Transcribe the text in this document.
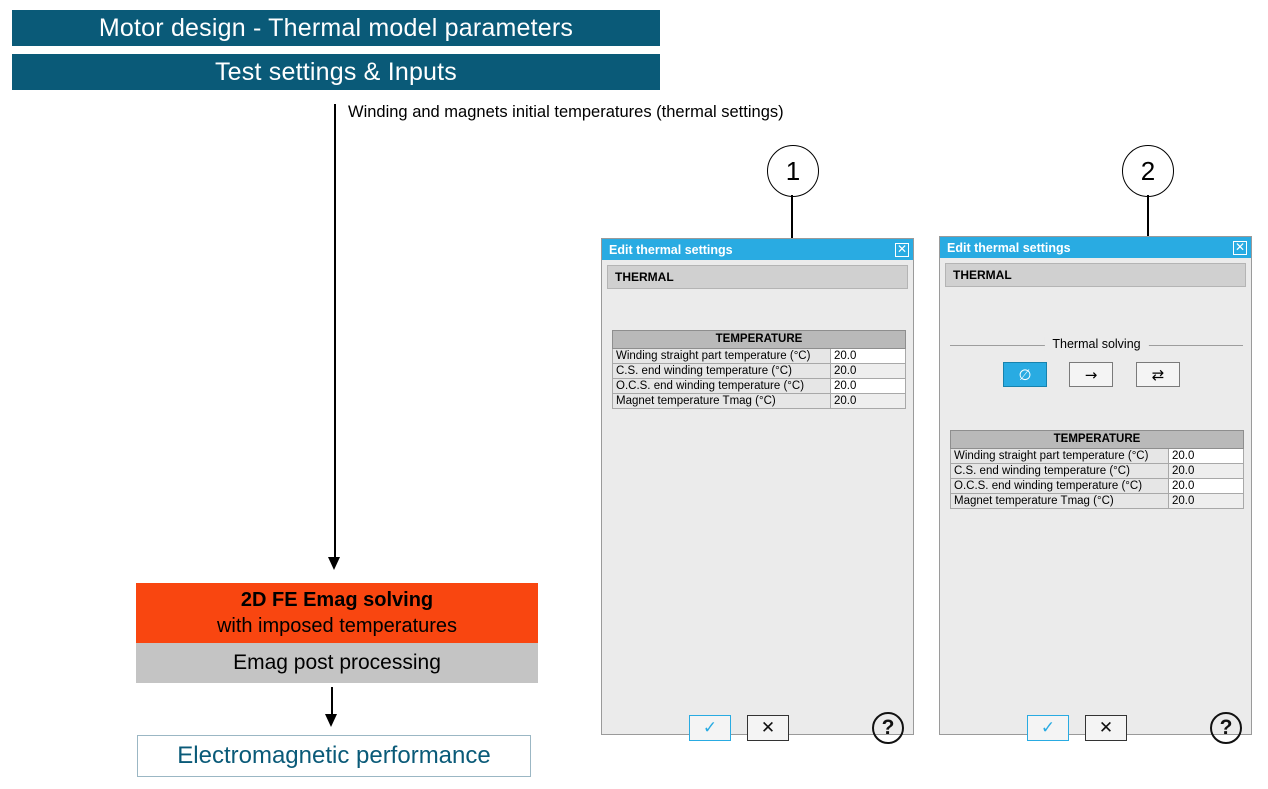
Motor design - Thermal model parameters
Test settings & Inputs
Winding and magnets initial temperatures (thermal settings)
2D FE Emag solving
with imposed temperatures
Emag post processing
Electromagnetic performance
1	2
Edit thermal settings	✕
THERMAL
TEMPERATURE	
Winding straight part temperature (°C)	20.0
C.S. end winding temperature (°C)	20.0
O.C.S. end winding temperature (°C)	20.0
Magnet temperature Tmag (°C)	20.0
✓	✕	?
Edit thermal settings	✕
THERMAL
Thermal solving
∅	→	⇄
TEMPERATURE	
Winding straight part temperature (°C)	20.0
C.S. end winding temperature (°C)	20.0
O.C.S. end winding temperature (°C)	20.0
Magnet temperature Tmag (°C)	20.0
✓	✕	?
